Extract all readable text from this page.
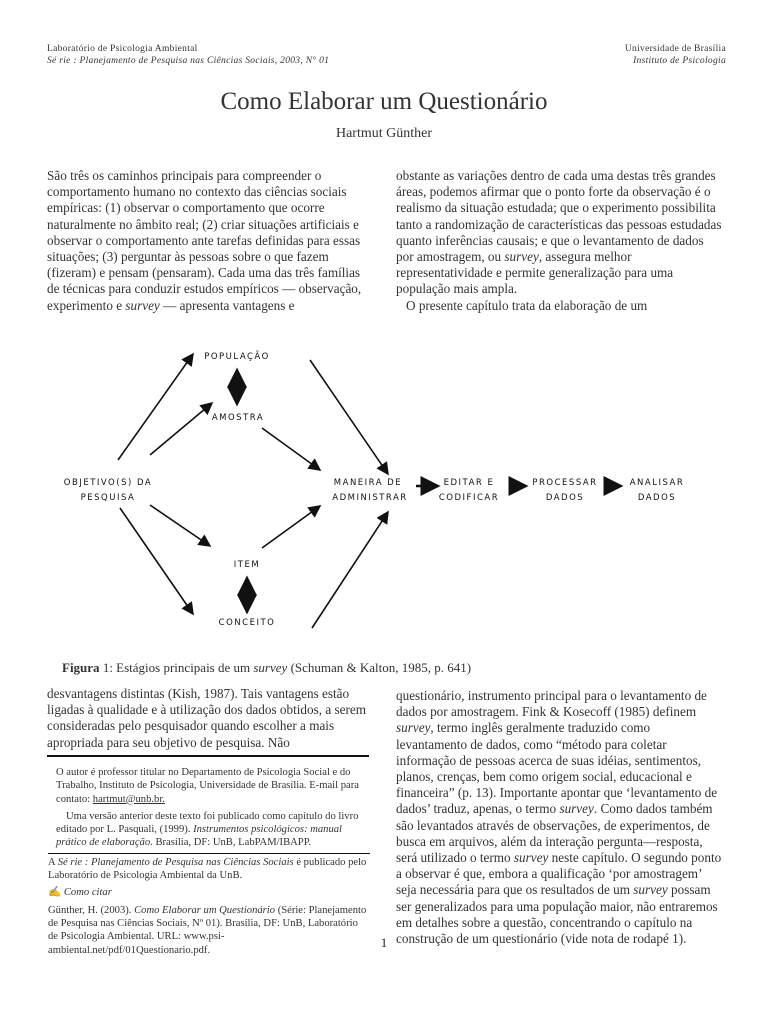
Laboratório de Psicologia Ambiental
Sé rie : Planejamento de Pesquisa nas Ciências Sociais, 2003, N° 01
Universidade de Brasília
Instituto de Psicologia
Como Elaborar um Questionário
Hartmut Günther

São três os caminhos principais para compreender o comportamento humano no contexto das ciências sociais empíricas: (1) observar o comportamento que ocorre naturalmente no âmbito real; (2) criar situações artificiais e observar o comportamento ante tarefas definidas para essas situações; (3) perguntar às pessoas sobre o que fazem (fizeram) e pensam (pensaram). Cada uma das três famílias de técnicas para conduzir estudos empíricos — observação, experimento e survey — apresenta vantagens e

obstante as variações dentro de cada uma destas três grandes áreas, podemos afirmar que o ponto forte da observação é o realismo da situação estudada; que o experimento possibilita tanto a randomização de características das pessoas estudadas quanto inferências causais; e que o levantamento de dados por amostragem, ou survey, assegura melhor representatividade e permite generalização para uma população mais ampla.

O presente capítulo trata da elaboração de um

POPULAÇÃO
AMOSTRA
OBJETIVO(S) DA
PESQUISA
MANEIRA DE
ADMINISTRAR
EDITAR E
CODIFICAR
PROCESSAR
DADOS
ANALISAR
DADOS
ITEM
CONCEITO
Figura 1: Estágios principais de um survey (Schuman & Kalton, 1985, p. 641)

desvantagens distintas (Kish, 1987). Tais vantagens estão ligadas à qualidade e à utilização dos dados obtidos, a serem consideradas pelo pesquisador quando escolher a mais apropriada para seu objetivo de pesquisa. Não

O autor é professor titular no Departamento de Psicologia Social e do Trabalho, Instituto de Psicologia, Universidade de Brasília. E-mail para contato: hartmut@unb.br.

Uma versão anterior deste texto foi publicado como capítulo do livro editado por L. Pasquali, (1999). Instrumentos psicológicos: manual prático de elaboração. Brasília, DF: UnB, LabPAM/IBAPP.

A Sé rie : Planejamento de Pesquisa nas Ciências Sociais é publicado pelo Laboratório de Psicologia Ambiental da UnB.

✍ Como citar

Günther, H. (2003). Como Elaborar um Questionário (Série: Planejamento de Pesquisa nas Ciências Sociais, Nº 01). Brasília, DF: UnB, Laboratório de Psicologia Ambiental. URL: www.psi-ambiental.net/pdf/01Questionario.pdf.

questionário, instrumento principal para o levantamento de dados por amostragem. Fink & Kosecoff (1985) definem survey, termo inglês geralmente traduzido como levantamento de dados, como “método para coletar informação de pessoas acerca de suas idéias, sentimentos, planos, crenças, bem como origem social, educacional e financeira” (p. 13). Importante apontar que ‘levantamento de dados’ traduz, apenas, o termo survey. Como dados também são levantados através de observações, de experimentos, de busca em arquivos, além da interação pergunta—resposta, será utilizado o termo survey neste capítulo. O segundo ponto a observar é que, embora a qualificação ‘por amostragem’ seja necessária para que os resultados de um survey possam ser generalizados para uma população maior, não entraremos em detalhes sobre a questão, concentrando o capítulo na construção de um questionário (vide nota de rodapé 1).

1
